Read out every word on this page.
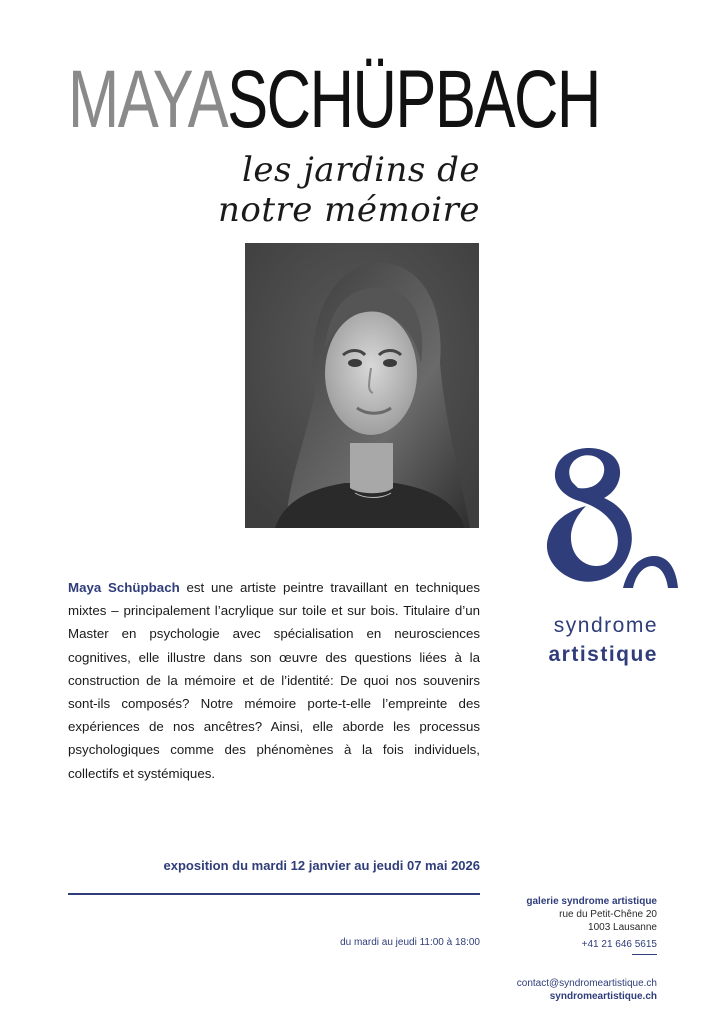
MAYASCHÜPBACH
les jardins de
notre mémoire
syndrome
artistique
Maya Schüpbach est une artiste peintre travaillant en techniques mixtes – principalement l’acrylique sur toile et sur bois. Titulaire d’un Master en psychologie avec spécialisation en neurosciences cognitives, elle illustre dans son œuvre des questions liées à la construction de la mémoire et de l’identité: De quoi nos souvenirs sont-ils composés? Notre mémoire porte-t-elle l’empreinte des expériences de nos ancêtres? Ainsi, elle aborde les processus psychologiques comme des phénomènes à la fois individuels, collectifs et systémiques.
exposition du mardi 12 janvier au jeudi 07 mai 2026
du mardi au jeudi 11:00 à 18:00
galerie syndrome artistique
rue du Petit-Chêne 20
1003 Lausanne
+41 21 646 5615
contact@syndromeartistique.ch
syndromeartistique.ch
